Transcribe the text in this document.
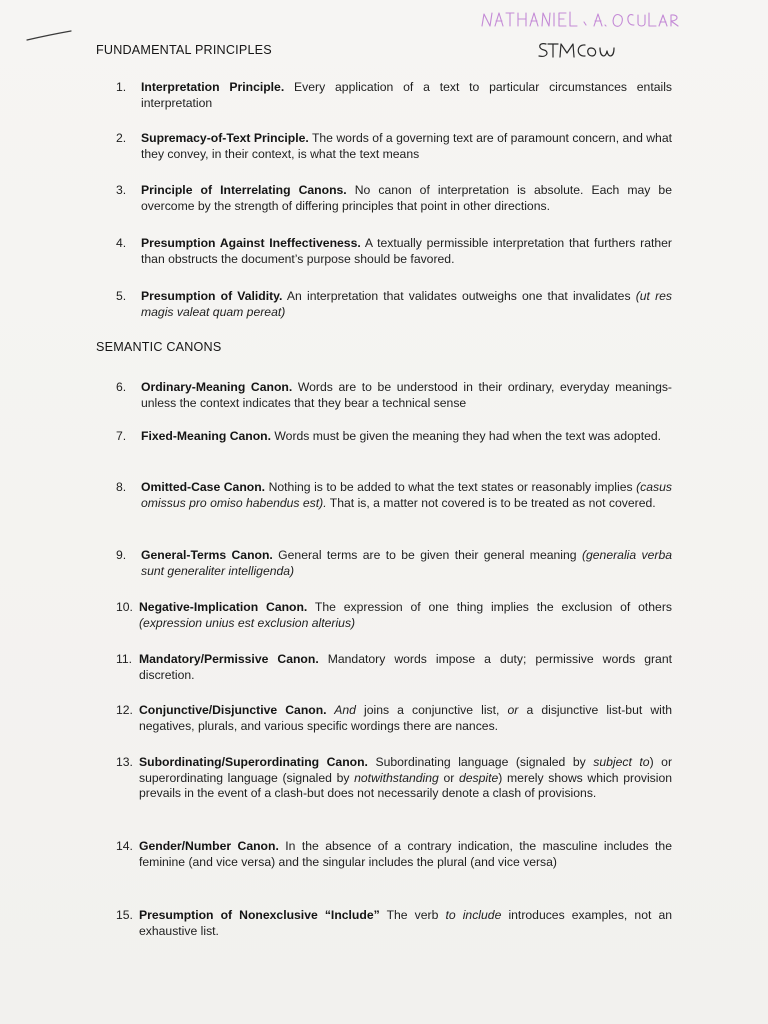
FUNDAMENTAL PRINCIPLES
1.	Interpretation Principle. Every application of a text to particular circumstances entails interpretation
2.	Supremacy-of-Text Principle. The words of a governing text are of paramount concern, and what they convey, in their context, is what the text means
3.	Principle of Interrelating Canons. No canon of interpretation is absolute. Each may be overcome by the strength of differing principles that point in other directions.
4.	Presumption Against Ineffectiveness. A textually permissible interpretation that furthers rather than obstructs the document’s purpose should be favored.
5.	Presumption of Validity. An interpretation that validates outweighs one that invalidates (ut res magis valeat quam pereat)
SEMANTIC CANONS
6.	Ordinary-Meaning Canon. Words are to be understood in their ordinary, everyday meanings-unless the context indicates that they bear a technical sense
7.	Fixed-Meaning Canon. Words must be given the meaning they had when the text was adopted.
8.	Omitted-Case Canon. Nothing is to be added to what the text states or reasonably implies (casus omissus pro omiso habendus est). That is, a matter not covered is to be treated as not covered.
9.	General-Terms Canon. General terms are to be given their general meaning (generalia verba sunt generaliter intelligenda)
10. Negative-Implication Canon. The expression of one thing implies the exclusion of others (expression unius est exclusion alterius)
11. Mandatory/Permissive Canon. Mandatory words impose a duty; permissive words grant discretion.
12. Conjunctive/Disjunctive Canon. And joins a conjunctive list, or a disjunctive list-but with negatives, plurals, and various specific wordings there are nances.
13. Subordinating/Superordinating Canon. Subordinating language (signaled by subject to) or superordinating language (signaled by notwithstanding or despite) merely shows which provision prevails in the event of a clash-but does not necessarily denote a clash of provisions.
14. Gender/Number Canon. In the absence of a contrary indication, the masculine includes the feminine (and vice versa) and the singular includes the plural (and vice versa)
15. Presumption of Nonexclusive “Include” The verb to include introduces examples, not an exhaustive list.
